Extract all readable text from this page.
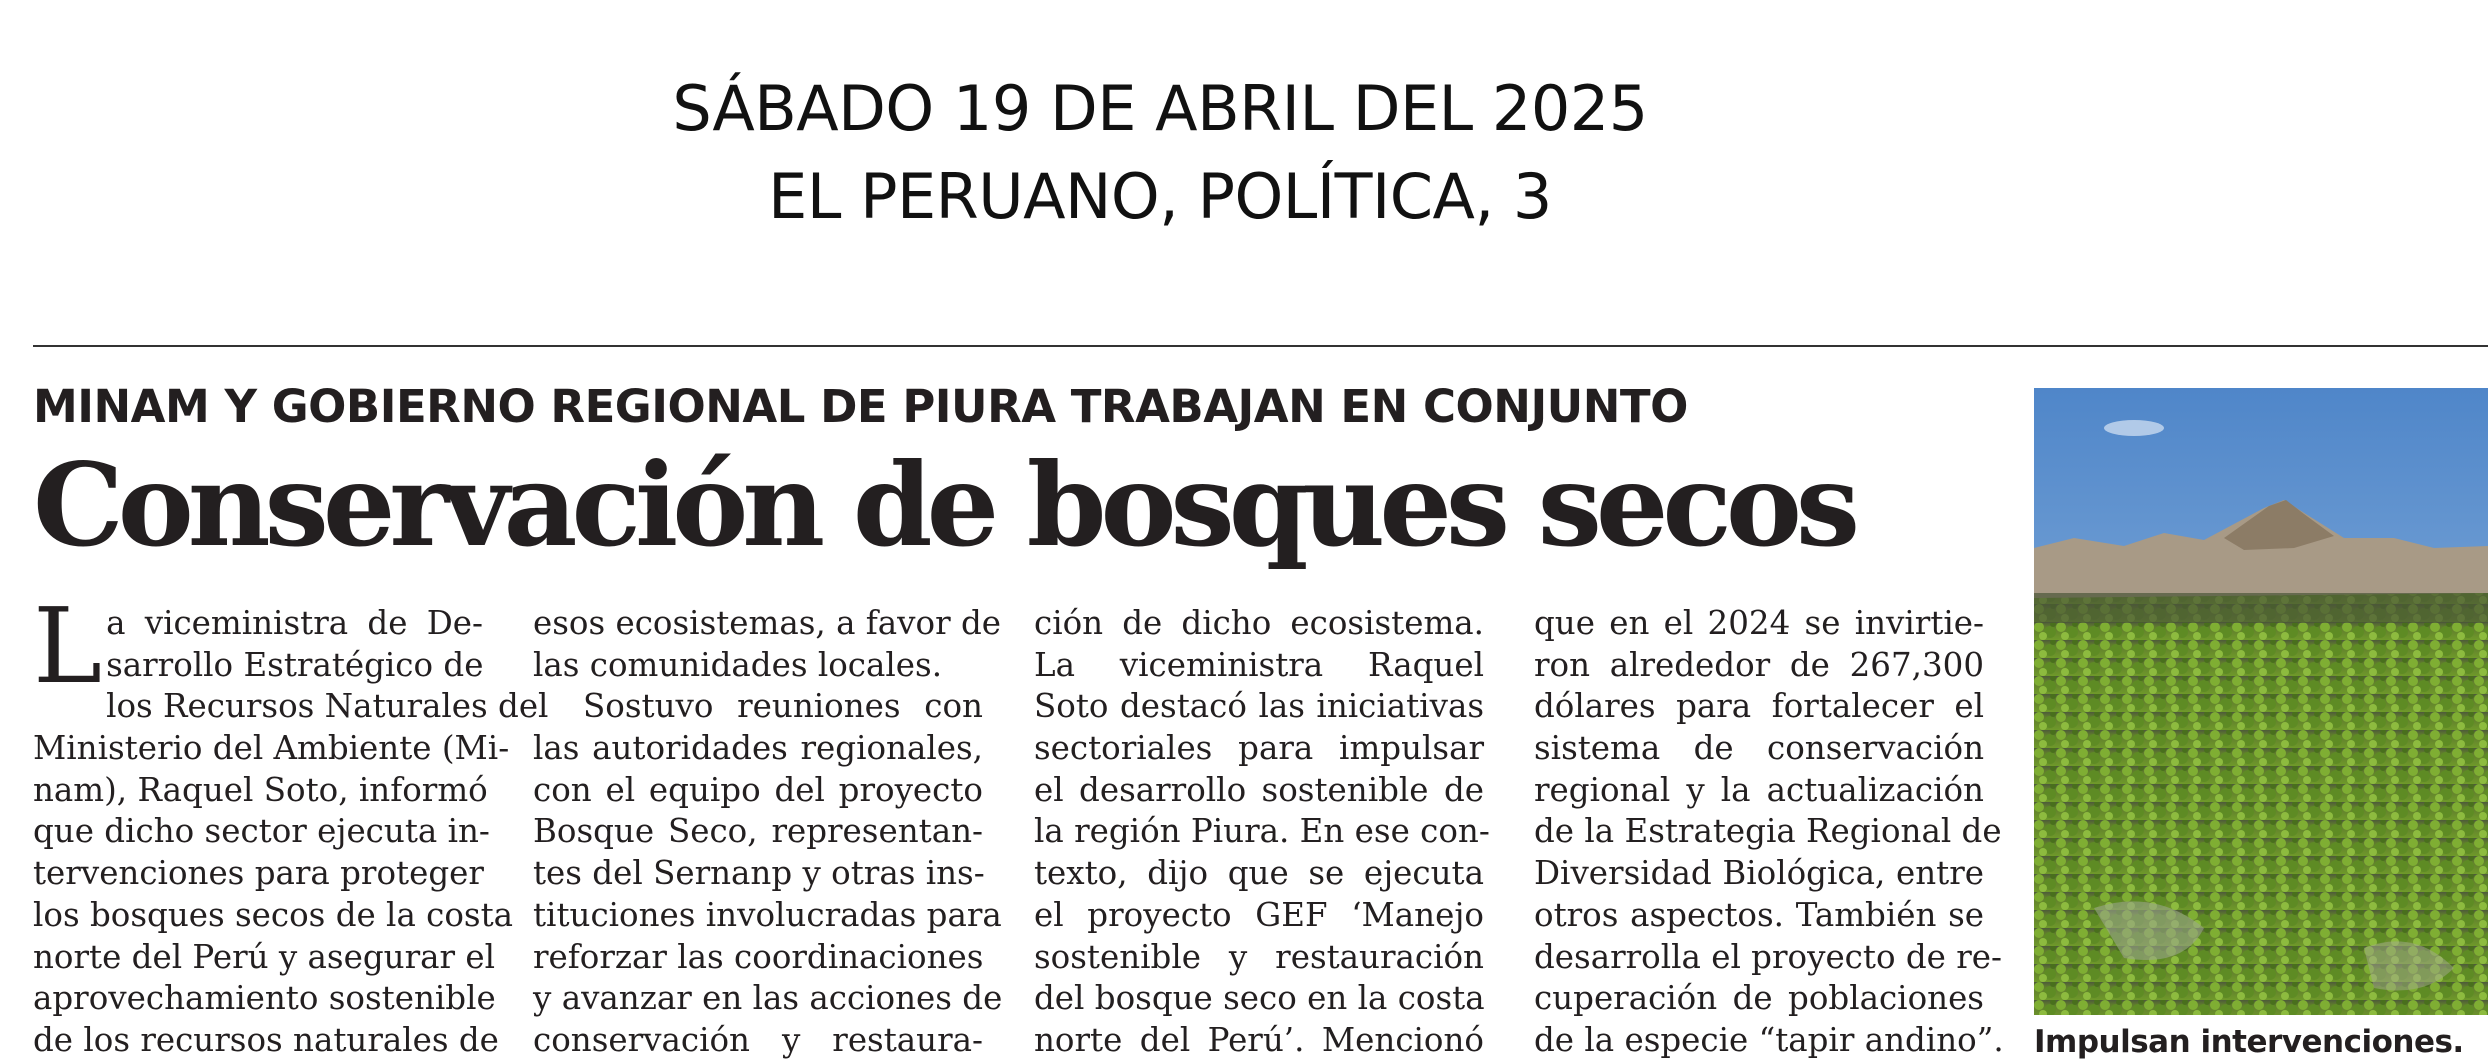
SÁBADO 19 DE ABRIL DEL 2025
EL PERUANO, POLÍTICA, 3
MINAM Y GOBIERNO REGIONAL DE PIURA TRABAJAN EN CONJUNTO
Conservación de bosques secos
L a viceministra de De-
sarrollo Estratégico de
los Recursos Naturales del
Ministerio del Ambiente (Mi-
nam), Raquel Soto, informó
que dicho sector ejecuta in-
tervenciones para proteger
los bosques secos de la costa
norte del Perú y asegurar el
aprovechamiento sostenible
de los recursos naturales de
esos ecosistemas, a favor de
las comunidades locales.
Sostuvo reuniones con
las autoridades regionales,
con el equipo del proyecto
Bosque Seco, representan-
tes del Sernanp y otras ins-
tituciones involucradas para
reforzar las coordinaciones
y avanzar en las acciones de
conservación y restaura-
ción de dicho ecosistema.
La viceministra Raquel
Soto destacó las iniciativas
sectoriales para impulsar
el desarrollo sostenible de
la región Piura. En ese con-
texto, dijo que se ejecuta
el proyecto GEF ‘Manejo
sostenible y restauración
del bosque seco en la costa
norte del Perú’. Mencionó
que en el 2024 se invirtie-
ron alrededor de 267,300
dólares para fortalecer el
sistema de conservación
regional y la actualización
de la Estrategia Regional de
Diversidad Biológica, entre
otros aspectos. También se
desarrolla el proyecto de re-
cuperación de poblaciones
de la especie “tapir andino”. Impulsan intervenciones.
